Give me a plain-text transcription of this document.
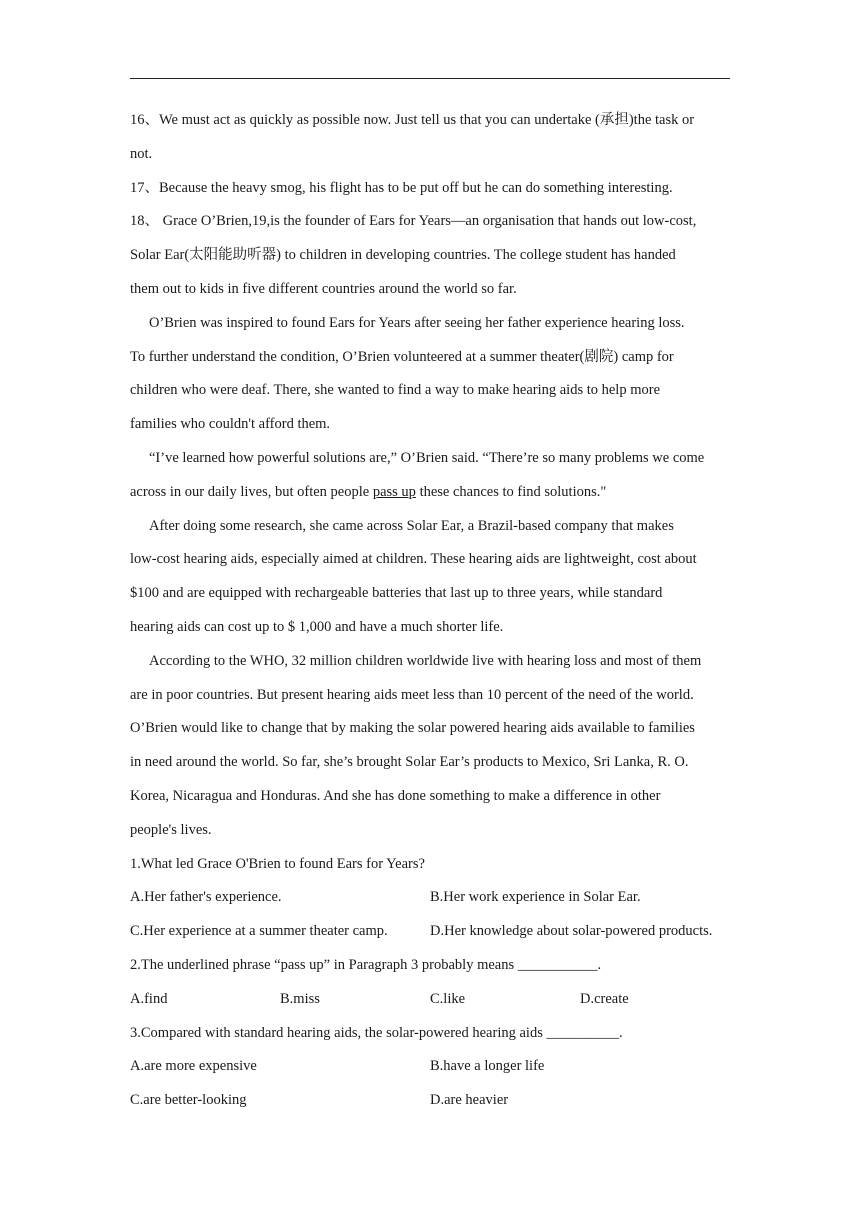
16、We must act as quickly as possible now. Just tell us that you can undertake (承担)the task or
not.
17、Because the heavy smog, his flight has to be put off but he can do something interesting.
18、 Grace O’Brien,19,is the founder of Ears for Years—an organisation that hands out low-cost,
Solar Ear(太阳能助听器) to children in developing countries. The college student has handed
them out to kids in five different countries around the world so far.
O’Brien was inspired to found Ears for Years after seeing her father experience hearing loss.
To further understand the condition, O’Brien volunteered at a summer theater(剧院) camp for
children who were deaf. There, she wanted to find a way to make hearing aids to help more
families who couldn't afford them.
“I’ve learned how powerful solutions are,” O’Brien said. “There’re so many problems we come
across in our daily lives, but often people pass up these chances to find solutions."
After doing some research, she came across Solar Ear, a Brazil-based company that makes
low-cost hearing aids, especially aimed at children. These hearing aids are lightweight, cost about
$100 and are equipped with rechargeable batteries that last up to three years, while standard
hearing aids can cost up to $ 1,000 and have a much shorter life.
According to the WHO, 32 million children worldwide live with hearing loss and most of them
are in poor countries. But present hearing aids meet less than 10 percent of the need of the world.
O’Brien would like to change that by making the solar powered hearing aids available to families
in need around the world. So far, she’s brought Solar Ear’s products to Mexico, Sri Lanka, R. O.
Korea, Nicaragua and Honduras. And she has done something to make a difference in other
people's lives.
1.What led Grace O'Brien to found Ears for Years?
A.Her father's experience.	B.Her work experience in Solar Ear.
C.Her experience at a summer theater camp.	D.Her knowledge about solar-powered products.
2.The underlined phrase “pass up” in Paragraph 3 probably means ___________.
A.find	B.miss	C.like	D.create
3.Compared with standard hearing aids, the solar-powered hearing aids __________.
A.are more expensive	B.have a longer life
C.are better-looking	D.are heavier
